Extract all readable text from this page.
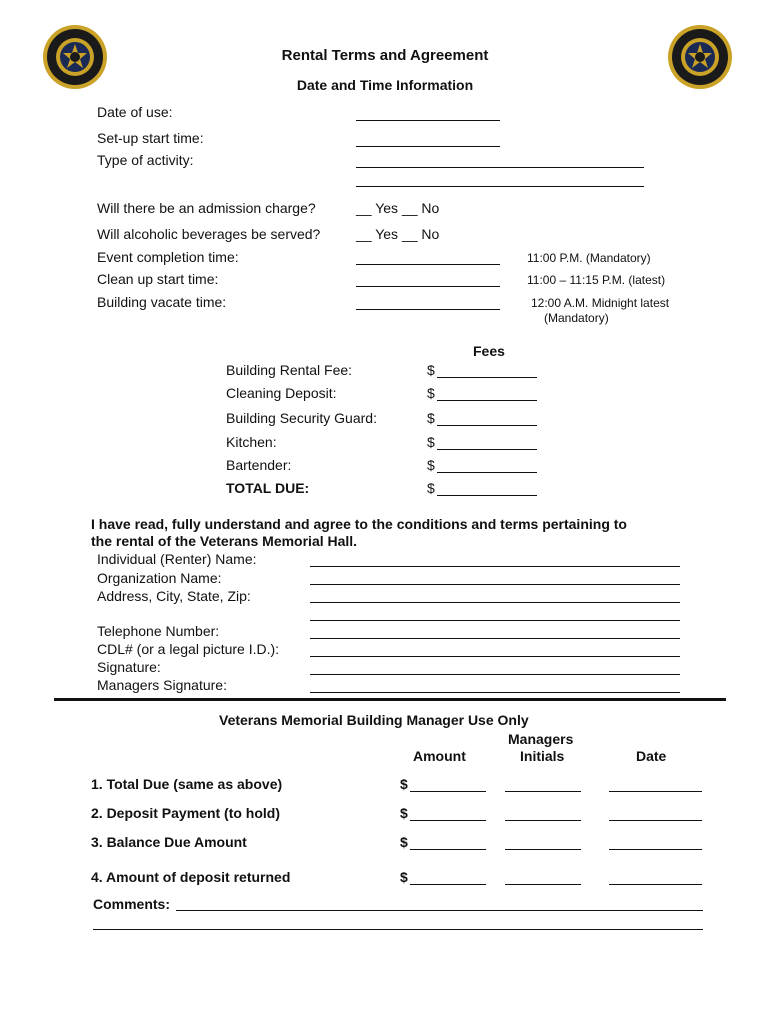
Rental Terms and Agreement
Date and Time Information
Date of use:
Set-up start time:
Type of activity:
Will there be an admission charge?	__ Yes __ No
Will alcoholic beverages be served?	__ Yes __ No
Event completion time:	11:00 P.M. (Mandatory)
Clean up start time:	11:00 – 11:15 P.M. (latest)
Building vacate time:	12:00 A.M. Midnight latest
(Mandatory)
Fees
Building Rental Fee:	$
Cleaning Deposit:	$
Building Security Guard:	$
Kitchen:	$
Bartender:	$
TOTAL DUE:	$
I have read, fully understand and agree to the conditions and terms pertaining to
the rental of the Veterans Memorial Hall.
Individual (Renter) Name:
Organization Name:
Address, City, State, Zip:
Telephone Number:
CDL# (or a legal picture I.D.):
Signature:
Managers Signature:
Veterans Memorial Building Manager Use Only
Managers
Amount	Initials	Date
1. Total Due (same as above)	$
2. Deposit Payment (to hold)	$
3. Balance Due Amount	$
4. Amount of deposit returned	$
Comments:
